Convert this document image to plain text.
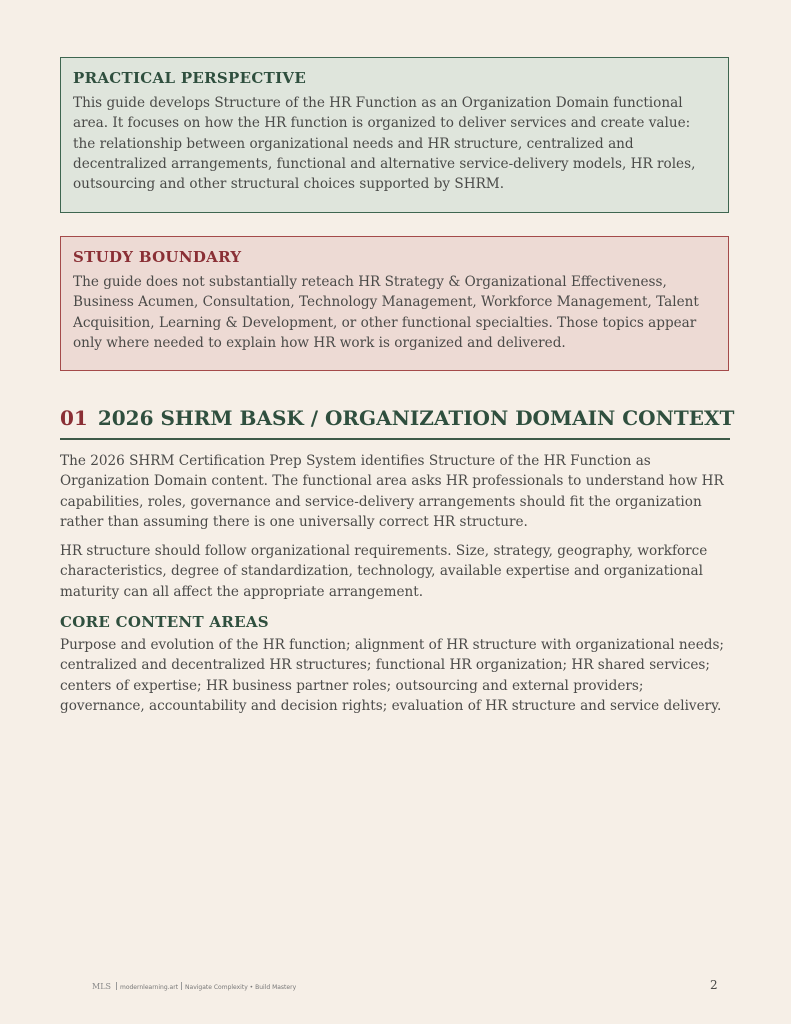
PRACTICAL PERSPECTIVE

This guide develops Structure of the HR Function as an Organization Domain functional area. It focuses on how the HR function is organized to deliver services and create value: the relationship between organizational needs and HR structure, centralized and decentralized arrangements, functional and alternative service-delivery models, HR roles, outsourcing and other structural choices supported by SHRM.

STUDY BOUNDARY

The guide does not substantially reteach HR Strategy & Organizational Effectiveness, Business Acumen, Consultation, Technology Management, Workforce Management, Talent Acquisition, Learning & Development, or other functional specialties. Those topics appear only where needed to explain how HR work is organized and delivered.

01 2026 SHRM BASK / ORGANIZATION DOMAIN CONTEXT

The 2026 SHRM Certification Prep System identifies Structure of the HR Function as Organization Domain content. The functional area asks HR professionals to understand how HR capabilities, roles, governance and service-delivery arrangements should fit the organization rather than assuming there is one universally correct HR structure.

HR structure should follow organizational requirements. Size, strategy, geography, workforce characteristics, degree of standardization, technology, available expertise and organizational maturity can all affect the appropriate arrangement.

CORE CONTENT AREAS

Purpose and evolution of the HR function; alignment of HR structure with organizational needs; centralized and decentralized HR structures; functional HR organization; HR shared services; centers of expertise; HR business partner roles; outsourcing and external providers; governance, accountability and decision rights; evaluation of HR structure and service delivery.

MLS modernlearning.art Navigate Complexity • Build Mastery	2
